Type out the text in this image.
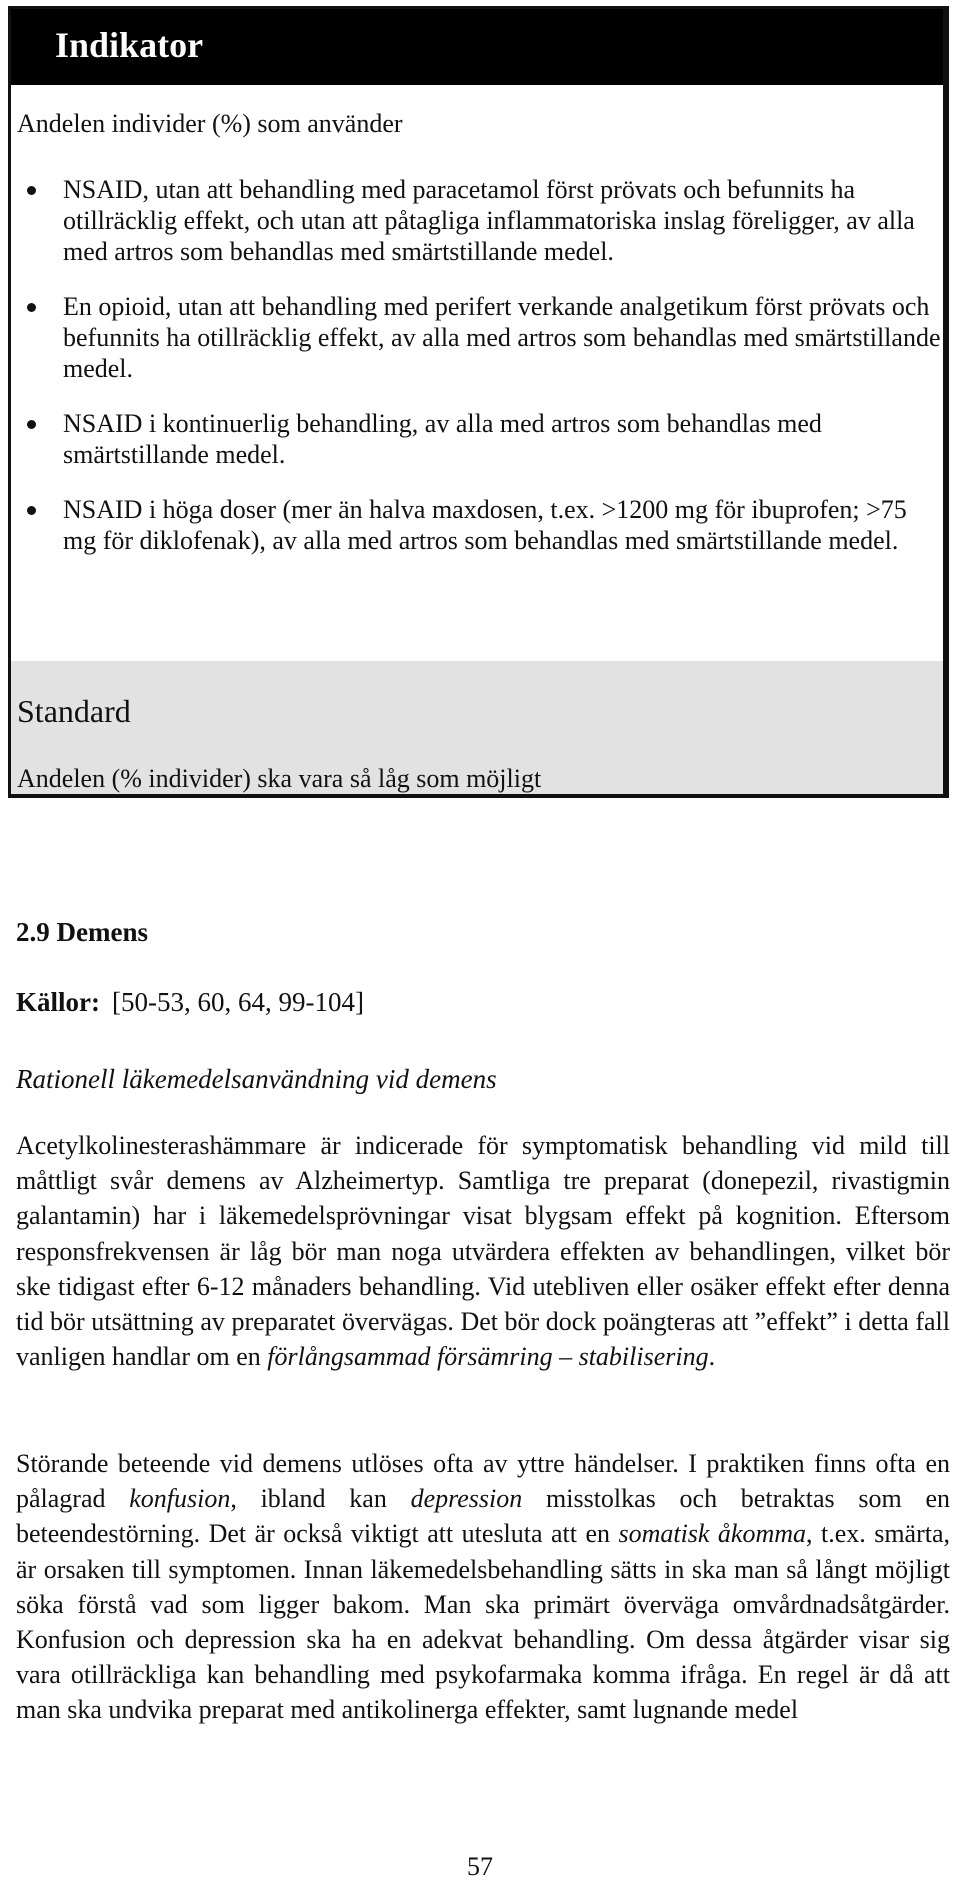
Indikator

Andelen individer (%) som använder

NSAID, utan att behandling med paracetamol först prövats och befunnits ha otillräcklig effekt, och utan att påtagliga inflammatoriska inslag föreligger, av alla med artros som behandlas med smärtstillande medel.
En opioid, utan att behandling med perifert verkande analgetikum först prövats och befunnits ha otillräcklig effekt, av alla med artros som behandlas med smärtstillande medel.
NSAID i kontinuerlig behandling, av alla med artros som behandlas med smärtstillande medel.
NSAID i höga doser (mer än halva maxdosen, t.ex. >1200 mg för ibuprofen; >75 mg för diklofenak), av alla med artros som behandlas med smärtstillande medel.
Standard

Andelen (% individer) ska vara så låg som möjligt

2.9 Demens

Källor: [50-53, 60, 64, 99-104]

Rationell läkemedelsanvändning vid demens

Acetylkolinesterashämmare är indicerade för symptomatisk behandling vid mild till måttligt svår demens av Alzheimertyp. Samtliga tre preparat (donepezil, rivastigmin galantamin) har i läkemedelsprövningar visat blygsam effekt på kognition. Eftersom responsfrekvensen är låg bör man noga utvärdera effekten av behandlingen, vilket bör ske tidigast efter 6-12 månaders behandling. Vid utebliven eller osäker effekt efter denna tid bör utsättning av preparatet övervägas. Det bör dock poängteras att ”effekt” i detta fall vanligen handlar om en förlångsammad försämring – stabilisering.

Störande beteende vid demens utlöses ofta av yttre händelser. I praktiken finns ofta en pålagrad konfusion, ibland kan depression misstolkas och betraktas som en beteendestörning. Det är också viktigt att utesluta att en somatisk åkomma, t.ex. smärta, är orsaken till symptomen. Innan läkemedelsbehandling sätts in ska man så långt möjligt söka förstå vad som ligger bakom. Man ska primärt överväga omvårdnadsåtgärder. Konfusion och depression ska ha en adekvat behandling. Om dessa åtgärder visar sig vara otillräckliga kan behandling med psykofarmaka komma ifråga. En regel är då att man ska undvika preparat med antikolinerga effekter, samt lugnande medel

57
